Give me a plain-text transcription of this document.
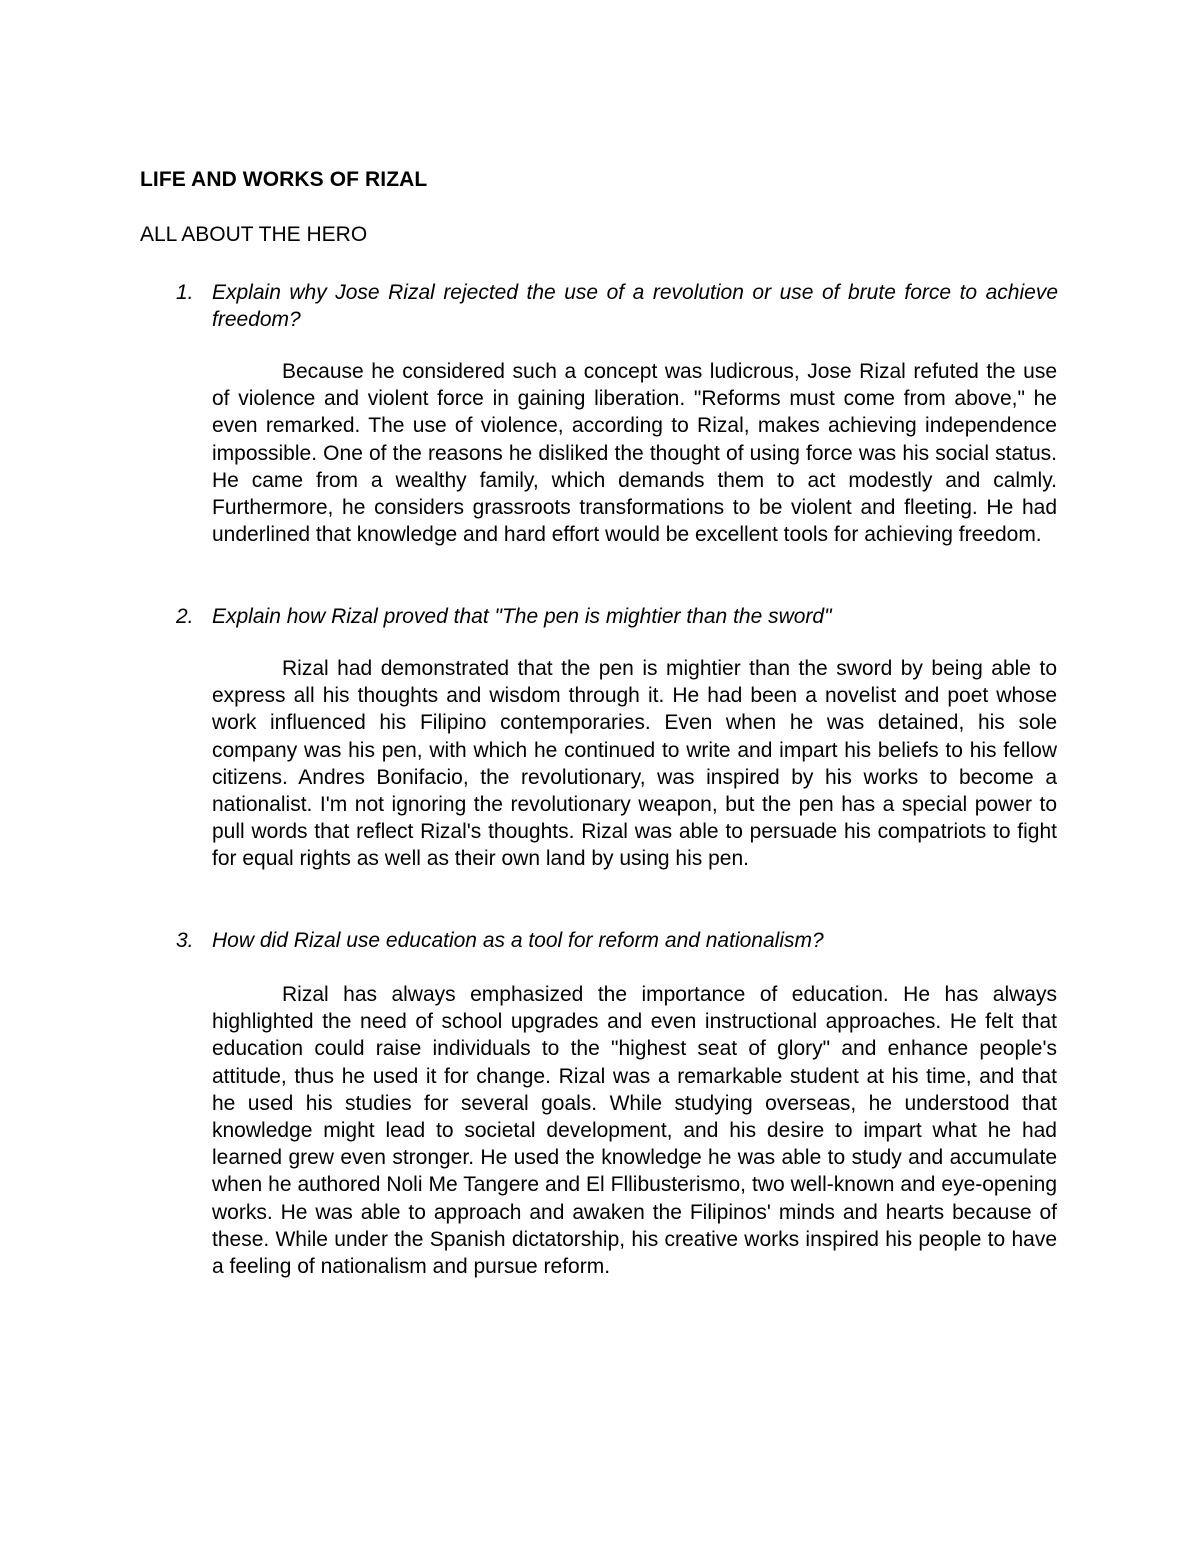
LIFE AND WORKS OF RIZAL
ALL ABOUT THE HERO
1. Explain why Jose Rizal rejected the use of a revolution or use of brute force to achieve freedom?

Because he considered such a concept was ludicrous, Jose Rizal refuted the use of violence and violent force in gaining liberation. "Reforms must come from above," he even remarked. The use of violence, according to Rizal, makes achieving independence impossible. One of the reasons he disliked the thought of using force was his social status. He came from a wealthy family, which demands them to act modestly and calmly. Furthermore, he considers grassroots transformations to be violent and fleeting. He had underlined that knowledge and hard effort would be excellent tools for achieving freedom.

2. Explain how Rizal proved that "The pen is mightier than the sword"

Rizal had demonstrated that the pen is mightier than the sword by being able to express all his thoughts and wisdom through it. He had been a novelist and poet whose work influenced his Filipino contemporaries. Even when he was detained, his sole company was his pen, with which he continued to write and impart his beliefs to his fellow citizens. Andres Bonifacio, the revolutionary, was inspired by his works to become a nationalist. I'm not ignoring the revolutionary weapon, but the pen has a special power to pull words that reflect Rizal's thoughts. Rizal was able to persuade his compatriots to fight for equal rights as well as their own land by using his pen.

3. How did Rizal use education as a tool for reform and nationalism?

Rizal has always emphasized the importance of education. He has always highlighted the need of school upgrades and even instructional approaches. He felt that education could raise individuals to the "highest seat of glory" and enhance people's attitude, thus he used it for change. Rizal was a remarkable student at his time, and that he used his studies for several goals. While studying overseas, he understood that knowledge might lead to societal development, and his desire to impart what he had learned grew even stronger. He used the knowledge he was able to study and accumulate when he authored Noli Me Tangere and El Fllibusterismo, two well-known and eye-opening works. He was able to approach and awaken the Filipinos' minds and hearts because of these. While under the Spanish dictatorship, his creative works inspired his people to have a feeling of nationalism and pursue reform.
